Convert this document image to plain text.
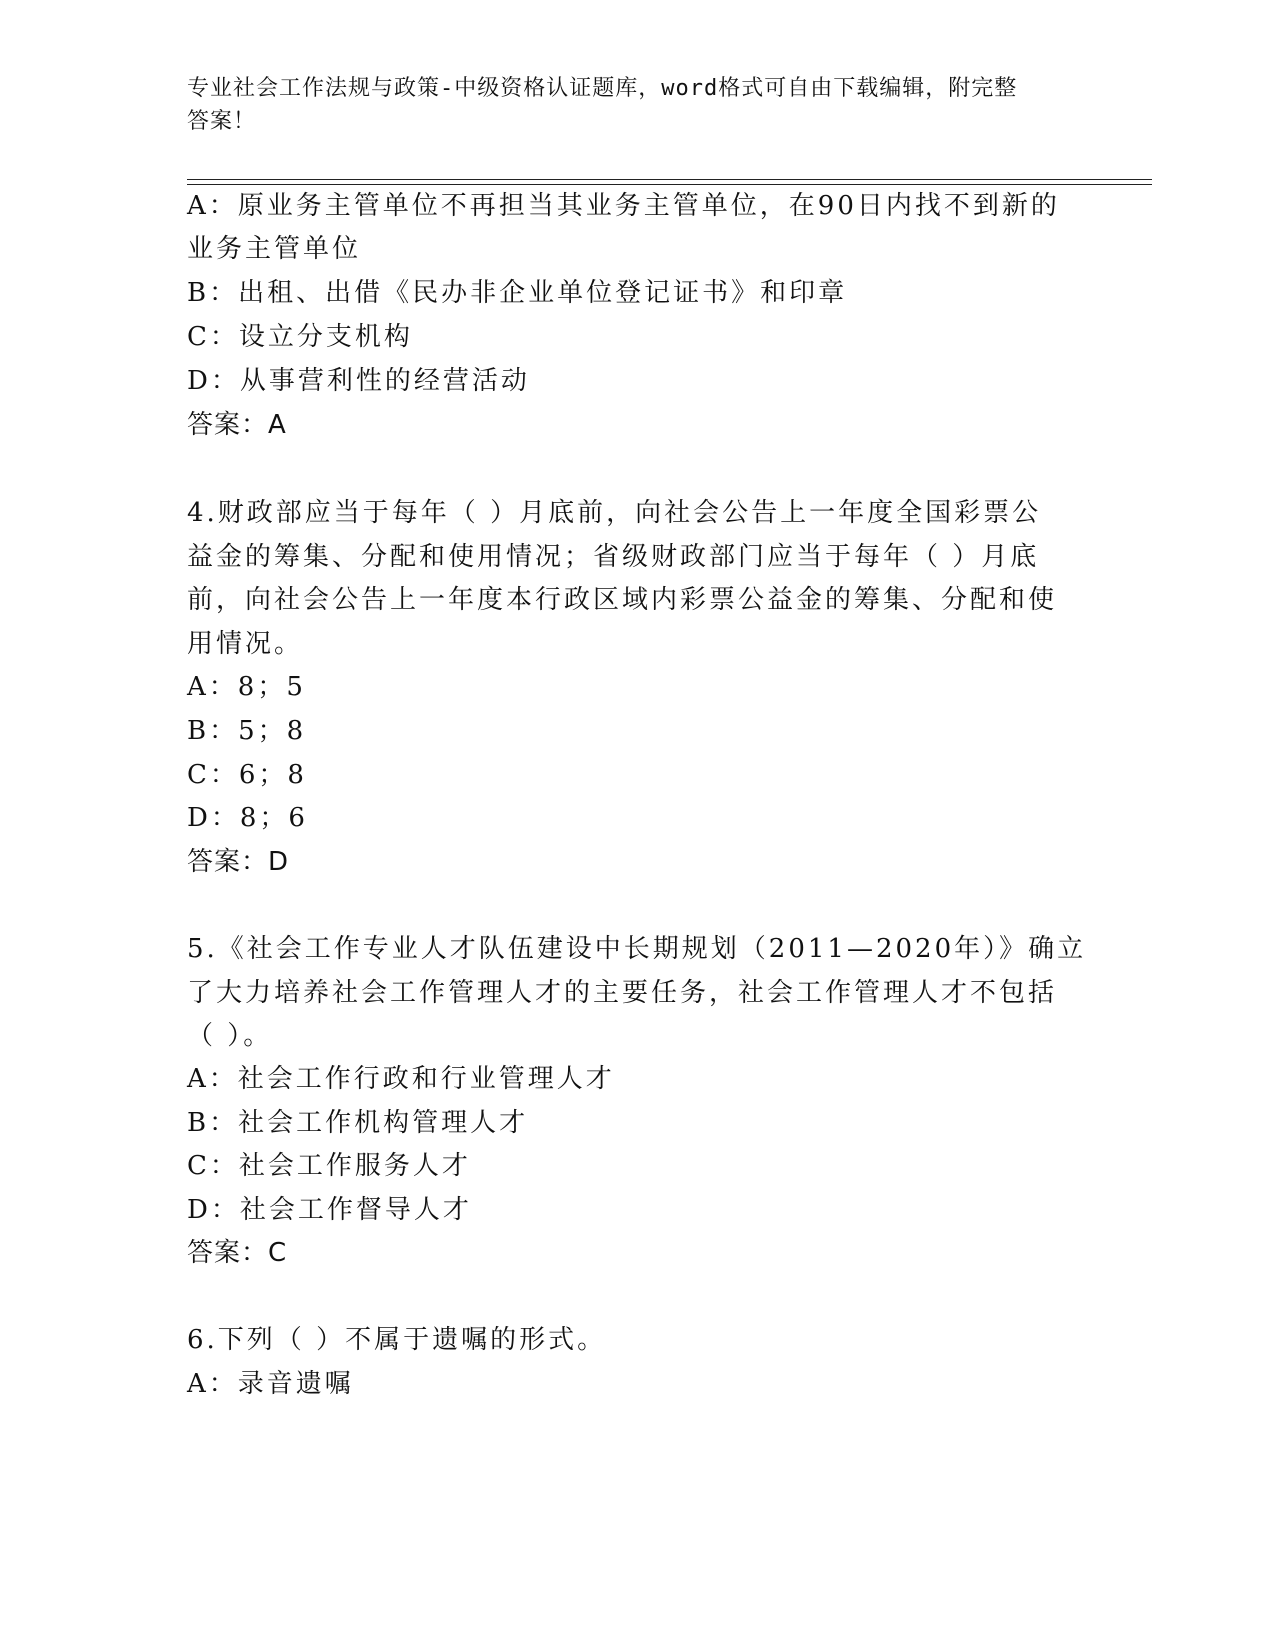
专业社会工作法规与政策-中级资格认证题库，word格式可自由下载编辑，附完整
答案！
A：原业务主管单位不再担当其业务主管单位，在90日内找不到新的
业务主管单位
B：出租、出借《民办非企业单位登记证书》和印章
C：设立分支机构
D：从事营利性的经营活动
答案：A
4.财政部应当于每年（ ）月底前，向社会公告上一年度全国彩票公
益金的筹集、分配和使用情况；省级财政部门应当于每年（ ）月底
前，向社会公告上一年度本行政区域内彩票公益金的筹集、分配和使
用情况。
A：8；5
B：5；8
C：6；8
D：8；6
答案：D
5.《社会工作专业人才队伍建设中长期规划（2011—2020年）》确立
了大力培养社会工作管理人才的主要任务，社会工作管理人才不包括
（ ）。
A：社会工作行政和行业管理人才
B：社会工作机构管理人才
C：社会工作服务人才
D：社会工作督导人才
答案：C
6.下列（ ）不属于遗嘱的形式。
A：录音遗嘱
